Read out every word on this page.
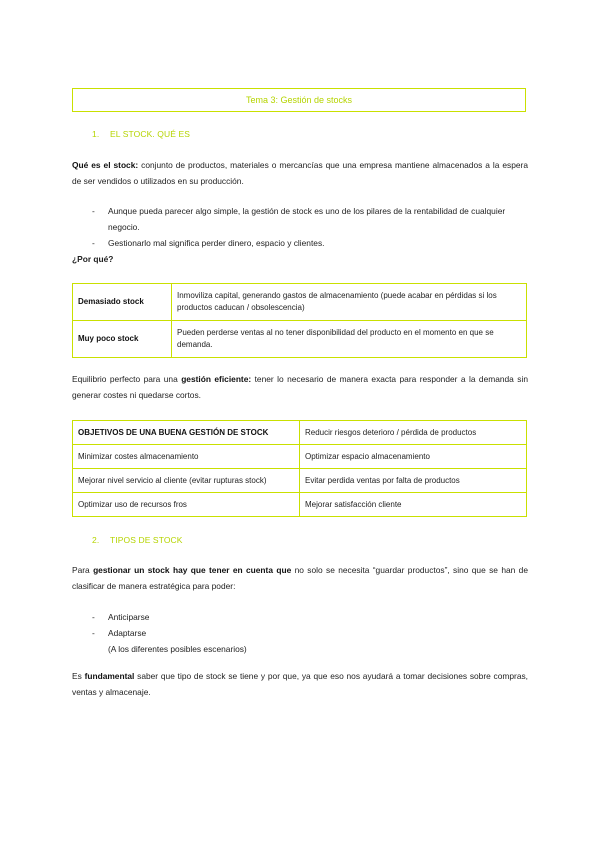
Tema 3: Gestión de stocks
1. EL STOCK. QUÉ ES
Qué es el stock: conjunto de productos, materiales o mercancías que una empresa mantiene almacenados a la espera de ser vendidos o utilizados en su producción.
-	Aunque pueda parecer algo simple, la gestión de stock es uno de los pilares de la rentabilidad de cualquier negocio.
-	Gestionarlo mal significa perder dinero, espacio y clientes.
¿Por qué?
Demasiado stock	Inmoviliza capital, generando gastos de almacenamiento (puede acabar en pérdidas si los productos caducan / obsolescencia)
Muy poco stock	Pueden perderse ventas al no tener disponibilidad del producto en el momento en que se demanda.
Equilibrio perfecto para una gestión eficiente: tener lo necesario de manera exacta para responder a la demanda sin generar costes ni quedarse cortos.
OBJETIVOS DE UNA BUENA GESTIÓN DE STOCK	Reducir riesgos deterioro / pérdida de productos
Minimizar costes almacenamiento	Optimizar espacio almacenamiento
Mejorar nivel servicio al cliente (evitar rupturas stock)	Evitar perdida ventas por falta de productos
Optimizar uso de recursos fros	Mejorar satisfacción cliente
2. TIPOS DE STOCK
Para gestionar un stock hay que tener en cuenta que no solo se necesita “guardar productos”, sino que se han de clasificar de manera estratégica para poder:
-	Anticiparse
-	Adaptarse
(A los diferentes posibles escenarios)
Es fundamental saber que tipo de stock se tiene y por que, ya que eso nos ayudará a tomar decisiones sobre compras, ventas y almacenaje.
